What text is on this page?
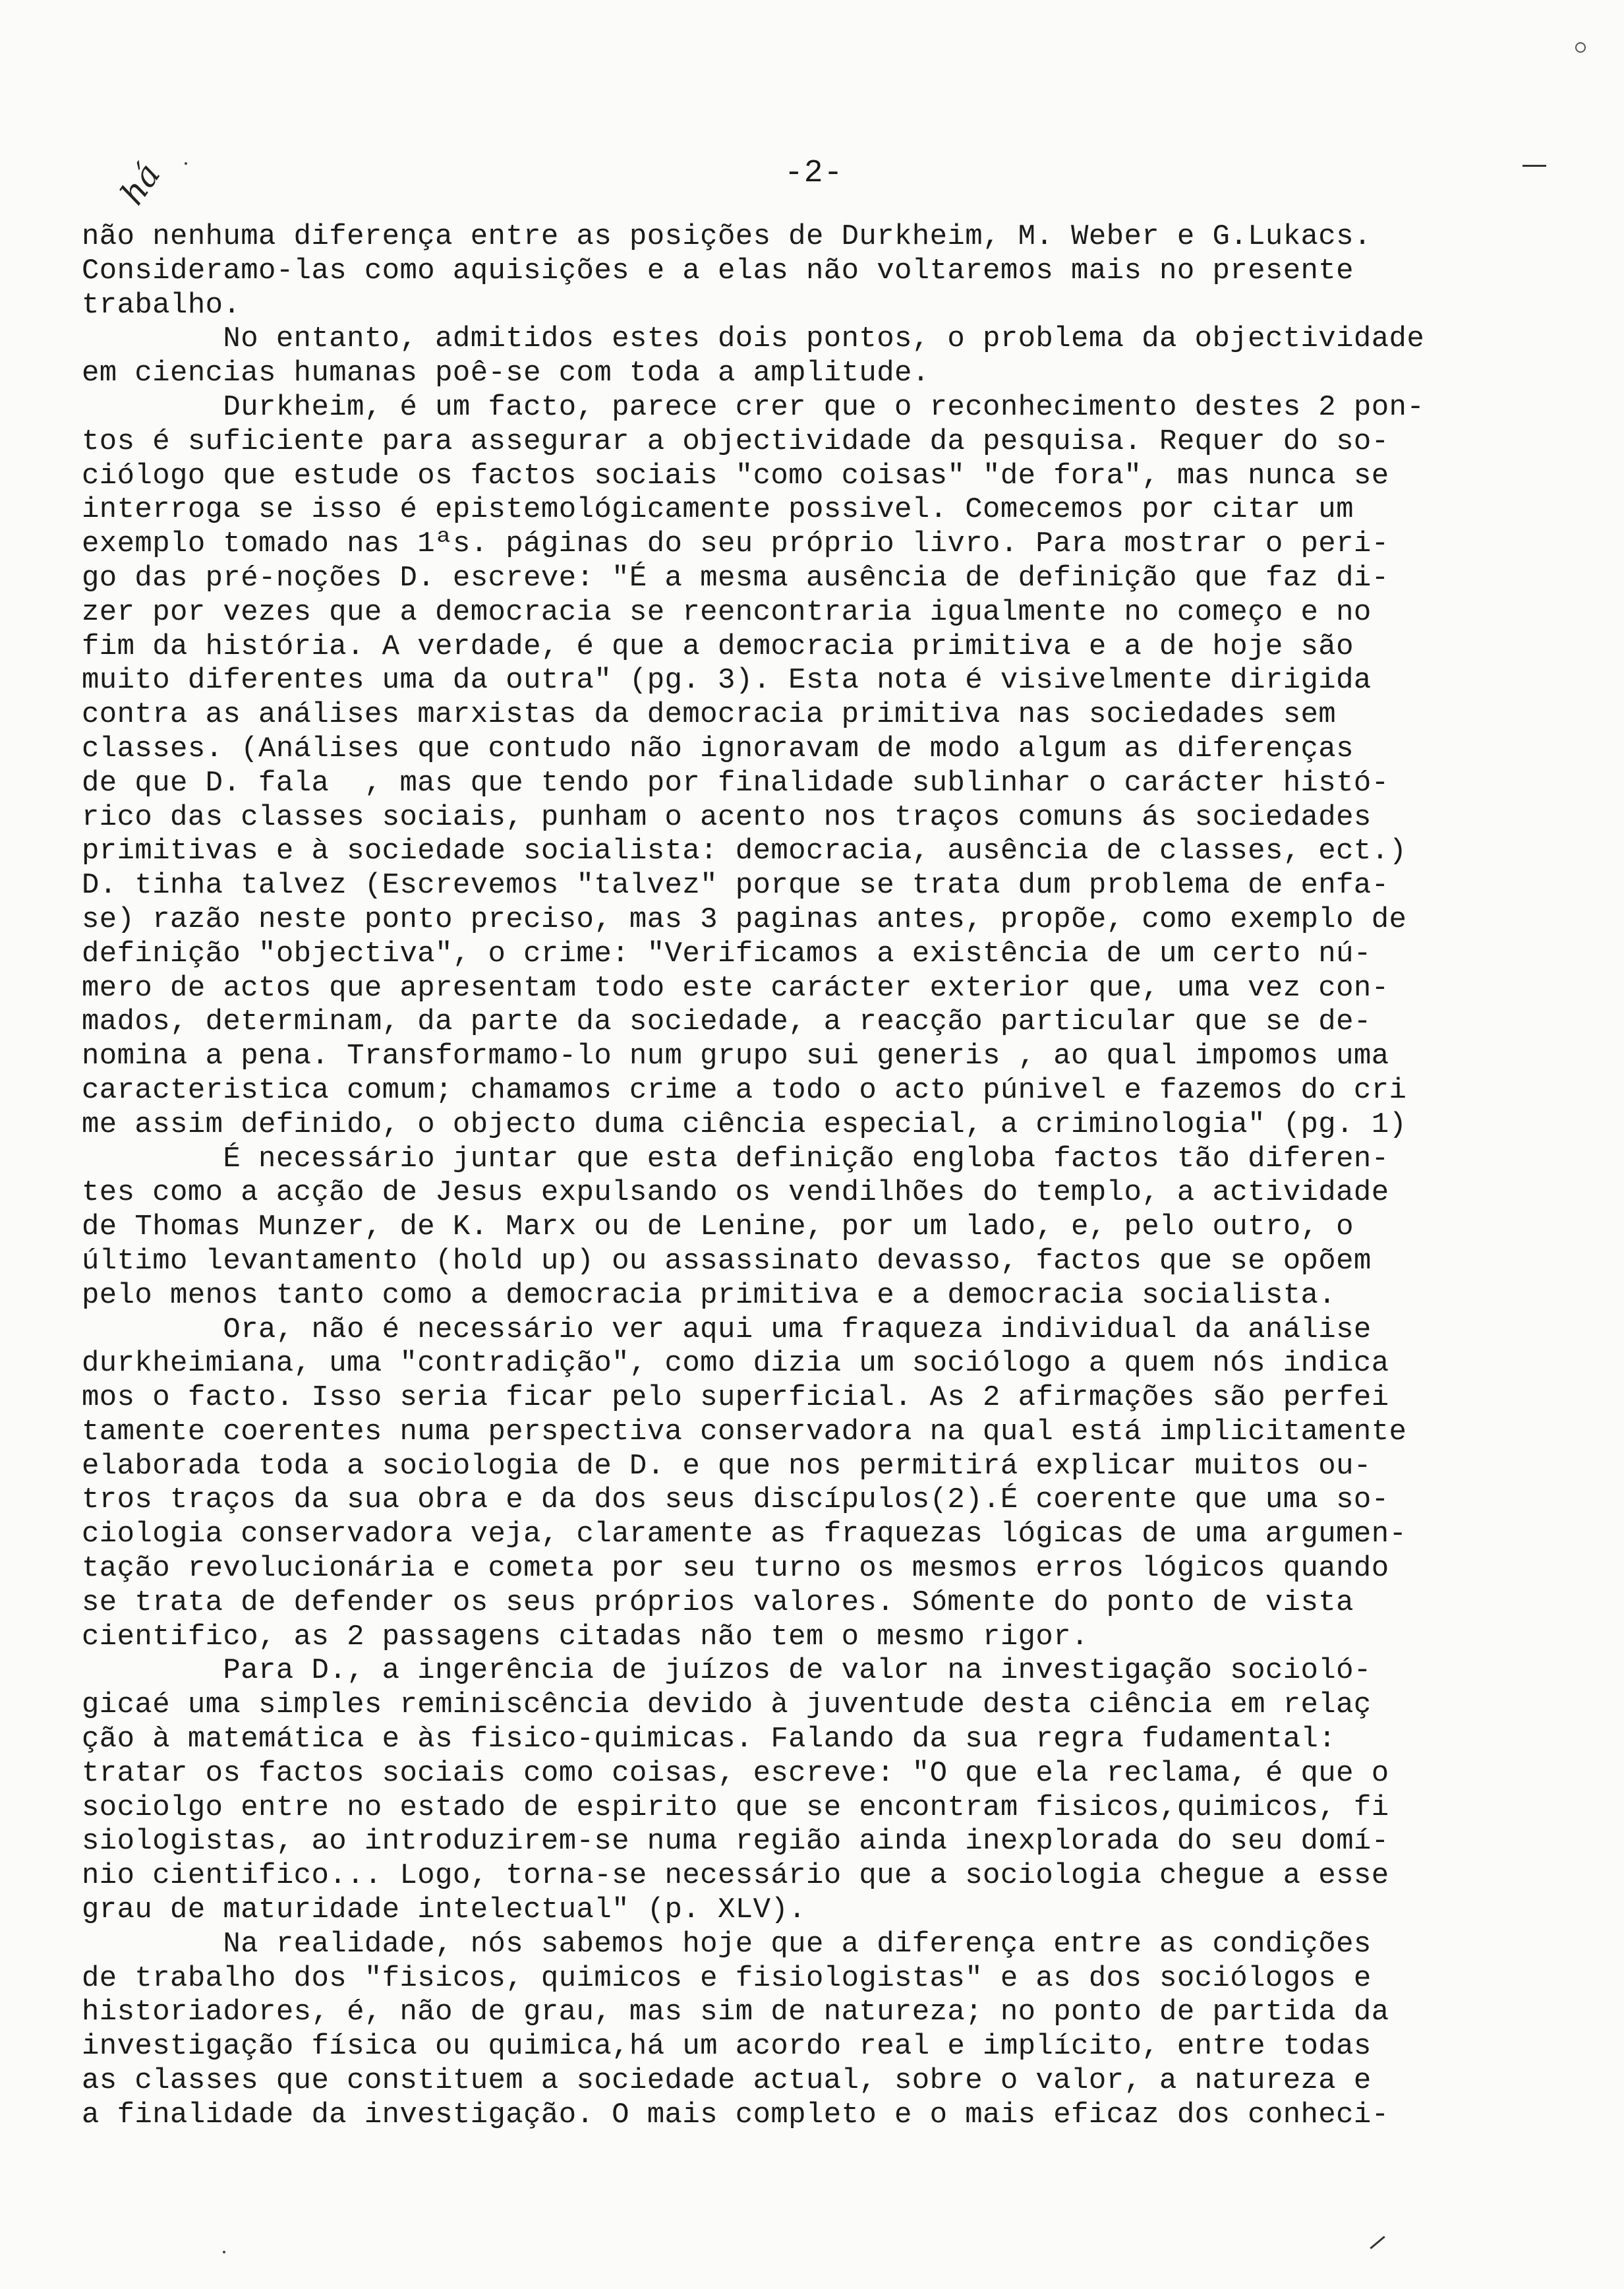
-2-
há
não nenhuma diferença entre as posições de Durkheim, M. Weber e G.Lukacs.
Consideramo-las como aquisições e a elas não voltaremos mais no presente
trabalho.
No entanto, admitidos estes dois pontos, o problema da objectividade
em ciencias humanas poê-se com toda a amplitude.
Durkheim, é um facto, parece crer que o reconhecimento destes 2 pon-
tos é suficiente para assegurar a objectividade da pesquisa. Requer do so-
ciólogo que estude os factos sociais "como coisas" "de fora", mas nunca se
interroga se isso é epistemológicamente possivel. Comecemos por citar um
exemplo tomado nas 1ªs. páginas do seu próprio livro. Para mostrar o peri-
go das pré-noções D. escreve: "É a mesma ausência de definição que faz di-
zer por vezes que a democracia se reencontraria igualmente no começo e no
fim da história. A verdade, é que a democracia primitiva e a de hoje são
muito diferentes uma da outra" (pg. 3). Esta nota é visivelmente dirigida
contra as análises marxistas da democracia primitiva nas sociedades sem
classes. (Análises que contudo não ignoravam de modo algum as diferenças
de que D. fala  , mas que tendo por finalidade sublinhar o carácter histó-
rico das classes sociais, punham o acento nos traços comuns ás sociedades
primitivas e à sociedade socialista: democracia, ausência de classes, ect.)
D. tinha talvez (Escrevemos "talvez" porque se trata dum problema de enfa-
se) razão neste ponto preciso, mas 3 paginas antes, propõe, como exemplo de
definição "objectiva", o crime: "Verificamos a existência de um certo nú-
mero de actos que apresentam todo este carácter exterior que, uma vez con-
mados, determinam, da parte da sociedade, a reacção particular que se de-
nomina a pena. Transformamo-lo num grupo sui generis , ao qual impomos uma
caracteristica comum; chamamos crime a todo o acto púnivel e fazemos do cri
me assim definido, o objecto duma ciência especial, a criminologia" (pg. 1)
É necessário juntar que esta definição engloba factos tão diferen-
tes como a acção de Jesus expulsando os vendilhões do templo, a actividade
de Thomas Munzer, de K. Marx ou de Lenine, por um lado, e, pelo outro, o
último levantamento (hold up) ou assassinato devasso, factos que se opõem
pelo menos tanto como a democracia primitiva e a democracia socialista.
Ora, não é necessário ver aqui uma fraqueza individual da análise
durkheimiana, uma "contradição", como dizia um sociólogo a quem nós indica
mos o facto. Isso seria ficar pelo superficial. As 2 afirmações são perfei
tamente coerentes numa perspectiva conservadora na qual está implicitamente
elaborada toda a sociologia de D. e que nos permitirá explicar muitos ou-
tros traços da sua obra e da dos seus discípulos(2).É coerente que uma so-
ciologia conservadora veja, claramente as fraquezas lógicas de uma argumen-
tação revolucionária e cometa por seu turno os mesmos erros lógicos quando
se trata de defender os seus próprios valores. Sómente do ponto de vista
cientifico, as 2 passagens citadas não tem o mesmo rigor.
Para D., a ingerência de juízos de valor na investigação socioló-
gicaé uma simples reminiscência devido à juventude desta ciência em relaç
ção à matemática e às fisico-quimicas. Falando da sua regra fudamental:
tratar os factos sociais como coisas, escreve: "O que ela reclama, é que o
sociolgo entre no estado de espirito que se encontram fisicos,quimicos, fi
siologistas, ao introduzirem-se numa região ainda inexplorada do seu domí-
nio cientifico... Logo, torna-se necessário que a sociologia chegue a esse
grau de maturidade intelectual" (p. XLV).
Na realidade, nós sabemos hoje que a diferença entre as condições
de trabalho dos "fisicos, quimicos e fisiologistas" e as dos sociólogos e
historiadores, é, não de grau, mas sim de natureza; no ponto de partida da
investigação física ou quimica,há um acordo real e implícito, entre todas
as classes que constituem a sociedade actual, sobre o valor, a natureza e
a finalidade da investigação. O mais completo e o mais eficaz dos conheci-
